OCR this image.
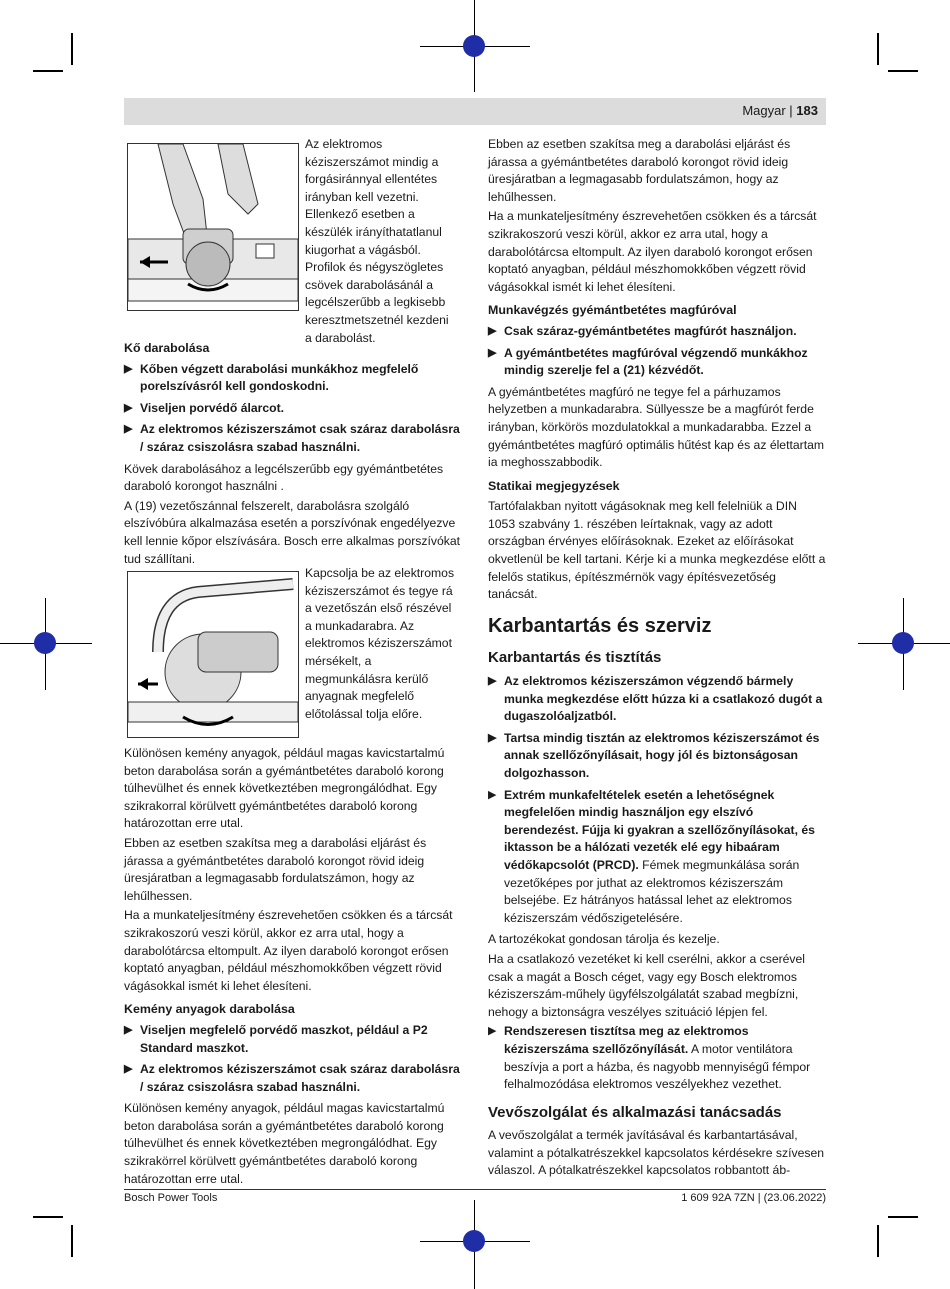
Magyar | 183

Az elektromos kéziszerszámot mindig a forgásiránnyal ellentétes irányban kell vezetni. Ellenkező esetben a készülék irányíthatatlanul kiugorhat a vágásból. Profilok és négyszögletes csövek darabolásánál a legcélszerűbb a legkisebb keresztmetszetnél kezdeni a darabolást.

Kő darabolása
▶ Kőben végzett darabolási munkákhoz megfelelő porelszívásról kell gondoskodni.
▶ Viseljen porvédő álarcot.
▶ Az elektromos kéziszerszámot csak száraz darabolásra / száraz csiszolásra szabad használni.

Kövek darabolásához a legcélszerűbb egy gyémántbetétes daraboló korongot használni .

A (19) vezetőszánnal felszerelt, darabolásra szolgáló elszívóbúra alkalmazása esetén a porszívónak engedélyezve kell lennie kőpor elszívására. Bosch erre alkalmas porszívókat tud szállítani.

Kapcsolja be az elektromos kéziszerszámot és tegye rá a vezetőszán első részével a munkadarabra. Az elektromos kéziszerszámot mérsékelt, a megmunkálásra kerülő anyagnak megfelelő előtolással tolja előre.

Különösen kemény anyagok, például magas kavicstartalmú beton darabolása során a gyémántbetétes daraboló korong túlhevülhet és ennek következtében megrongálódhat. Egy szikrakorral körülvett gyémántbetétes daraboló korong határozottan erre utal.

Ebben az esetben szakítsa meg a darabolási eljárást és járassa a gyémántbetétes daraboló korongot rövid ideig üresjáratban a legmagasabb fordulatszámon, hogy az lehűlhessen.

Ha a munkateljesítmény észrevehetően csökken és a tárcsát szikrakoszorú veszi körül, akkor ez arra utal, hogy a darabolótárcsa eltompult. Az ilyen daraboló korongot erősen koptató anyagban, például mészhomokkőben végzett rövid vágásokkal ismét ki lehet élesíteni.

Kemény anyagok darabolása
▶ Viseljen megfelelő porvédő maszkot, például a P2 Standard maszkot.
▶ Az elektromos kéziszerszámot csak száraz darabolásra / száraz csiszolásra szabad használni.

Különösen kemény anyagok, például magas kavicstartalmú beton darabolása során a gyémántbetétes daraboló korong túlhevülhet és ennek következtében megrongálódhat. Egy szikrakörrel körülvett gyémántbetétes daraboló korong határozottan erre utal.

Ebben az esetben szakítsa meg a darabolási eljárást és járassa a gyémántbetétes daraboló korongot rövid ideig üresjáratban a legmagasabb fordulatszámon, hogy az lehűlhessen.

Ha a munkateljesítmény észrevehetően csökken és a tárcsát szikrakoszorú veszi körül, akkor ez arra utal, hogy a darabolótárcsa eltompult. Az ilyen daraboló korongot erősen koptató anyagban, például mészhomokkőben végzett rövid vágásokkal ismét ki lehet élesíteni.

Munkavégzés gyémántbetétes magfúróval
▶ Csak száraz-gyémántbetétes magfúrót használjon.
▶ A gyémántbetétes magfúróval végzendő munkákhoz mindig szerelje fel a (21) kézvédőt.

A gyémántbetétes magfúró ne tegye fel a párhuzamos helyzetben a munkadarabra. Süllyessze be a magfúrót ferde irányban, körkörös mozdulatokkal a munkadarabba. Ezzel a gyémántbetétes magfúró optimális hűtést kap és az élettartam ia meghosszabbodik.

Statikai megjegyzések

Tartófalakban nyitott vágásoknak meg kell felelniük a DIN 1053 szabvány 1. részében leírtaknak, vagy az adott országban érvényes előírásoknak. Ezeket az előírásokat okvetlenül be kell tartani. Kérje ki a munka megkezdése előtt a felelős statikus, építészmérnök vagy építésvezetőség tanácsát.

Karbantartás és szerviz
Karbantartás és tisztítás
▶ Az elektromos kéziszerszámon végzendő bármely munka megkezdése előtt húzza ki a csatlakozó dugót a dugaszolóaljzatból.
▶ Tartsa mindig tisztán az elektromos kéziszerszámot és annak szellőzőnyílásait, hogy jól és biztonságosan dolgozhasson.
▶ Extrém munkafeltételek esetén a lehetőségnek megfelelően mindig használjon egy elszívó berendezést. Fújja ki gyakran a szellőzőnyílásokat, és iktasson be a hálózati vezeték elé egy hibaáram védőkapcsolót (PRCD). Fémek megmunkálása során vezetőképes por juthat az elektromos kéziszerszám belsejébe. Ez hátrányos hatással lehet az elektromos kéziszerszám védőszigetelésére.

A tartozékokat gondosan tárolja és kezelje.

Ha a csatlakozó vezetéket ki kell cserélni, akkor a cserével csak a magát a Bosch céget, vagy egy Bosch elektromos kéziszerszám-műhely ügyfélszolgálatát szabad megbízni, nehogy a biztonságra veszélyes szituáció lépjen fel.

▶ Rendszeresen tisztítsa meg az elektromos kéziszerszáma szellőzőnyílását. A motor ventilátora beszívja a port a házba, és nagyobb mennyiségű fémpor felhalmozódása elektromos veszélyekhez vezethet.
Vevőszolgálat és alkalmazási tanácsadás

A vevőszolgálat a termék javításával és karbantartásával, valamint a pótalkatrészekkel kapcsolatos kérdésekre szívesen válaszol. A pótalkatrészekkel kapcsolatos robbantott áb-

Bosch Power Tools	1 609 92A 7ZN | (23.06.2022)
